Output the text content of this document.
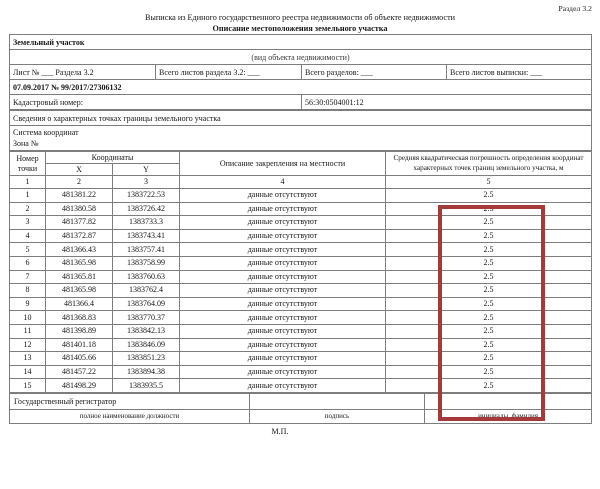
Раздел 3.2
Выписка из Единого государственного реестра недвижимости об объекте недвижимости
Описание местоположения земельного участка
Земельный участок			
(вид объекта недвижимости)			
Лист № ___ Раздела 3.2	Всего листов раздела 3.2: ___	Всего разделов: ___	Всего листов выписки: ___
07.09.2017 № 99/2017/27306132			
Кадастровый номер:		56:30:0504001:12	
Сведения о характерных точках границы земельного участка

Система координат
Зона №
Номер
точки	Координаты		Описание закрепления на местности	Средняя квадратическая погрешность определения координат характерных точек границ земельного участка, м
	X	Y		
1	2	3	4	5
1	481381.22	1383722.53	данные отсутствуют	2.5
2	481380.58	1383726.42	данные отсутствуют	2.5
3	481377.82	1383733.3	данные отсутствуют	2.5
4	481372.87	1383743.41	данные отсутствуют	2.5
5	481366.43	1383757.41	данные отсутствуют	2.5
6	481365.98	1383758.99	данные отсутствуют	2.5
7	481365.81	1383760.63	данные отсутствуют	2.5
8	481365.98	1383762.4	данные отсутствуют	2.5
9	481366.4	1383764.09	данные отсутствуют	2.5
10	481368.83	1383770.37	данные отсутствуют	2.5
11	481398.89	1383842.13	данные отсутствуют	2.5
12	481401.18	1383846.09	данные отсутствуют	2.5
13	481405.66	1383851.23	данные отсутствуют	2.5
14	481457.22	1383894.38	данные отсутствуют	2.5
15	481498.29	1383935.5	данные отсутствуют	2.5
Государственный регистратор		
полное наименование должности	подпись	инициалы, фамилия
М.П.
